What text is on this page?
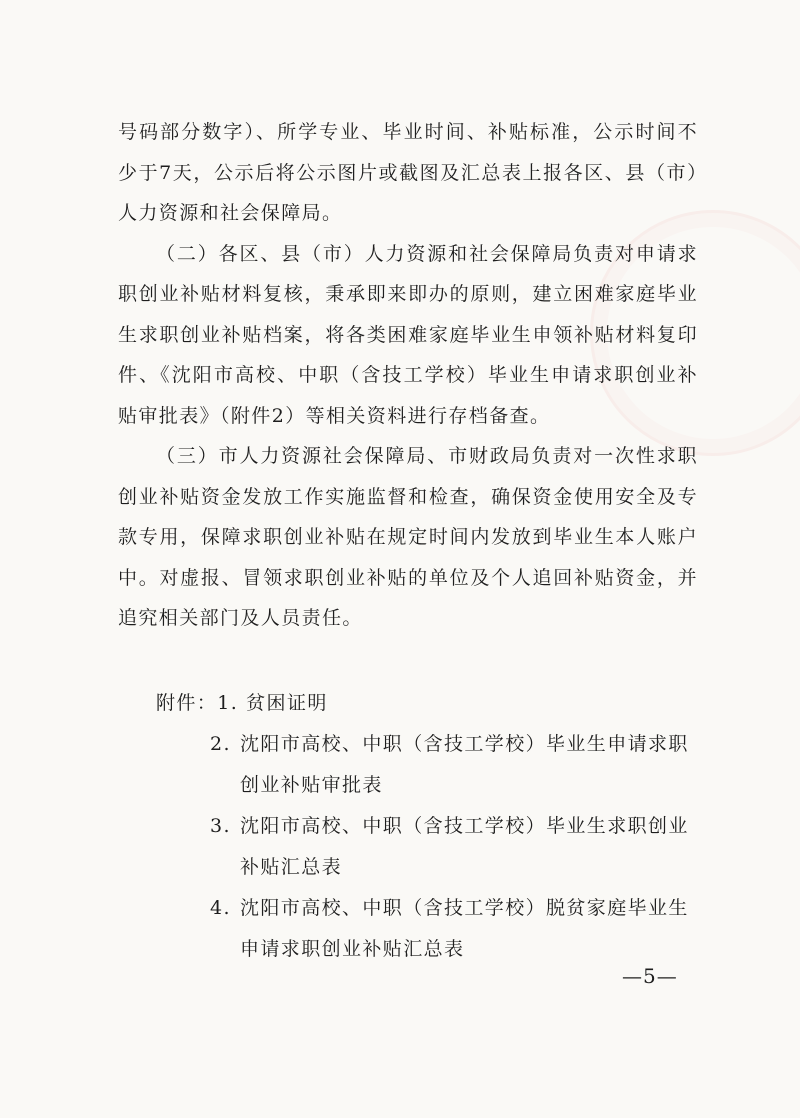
号码部分数字）、所学专业、毕业时间、补贴标准，公示时间不少于7天，公示后将公示图片或截图及汇总表上报各区、县（市）人力资源和社会保障局。

（二）各区、县（市）人力资源和社会保障局负责对申请求职创业补贴材料复核，秉承即来即办的原则，建立困难家庭毕业生求职创业补贴档案，将各类困难家庭毕业生申领补贴材料复印件、《沈阳市高校、中职（含技工学校）毕业生申请求职创业补贴审批表》（附件2）等相关资料进行存档备查。

（三）市人力资源社会保障局、市财政局负责对一次性求职创业补贴资金发放工作实施监督和检查，确保资金使用安全及专款专用，保障求职创业补贴在规定时间内发放到毕业生本人账户中。对虚报、冒领求职创业补贴的单位及个人追回补贴资金，并追究相关部门及人员责任。

附件： 1. 贫困证明
2. 沈阳市高校、中职（含技工学校）毕业生申请求职创业补贴审批表
3. 沈阳市高校、中职（含技工学校）毕业生求职创业补贴汇总表
4. 沈阳市高校、中职（含技工学校）脱贫家庭毕业生申请求职创业补贴汇总表
—5—
